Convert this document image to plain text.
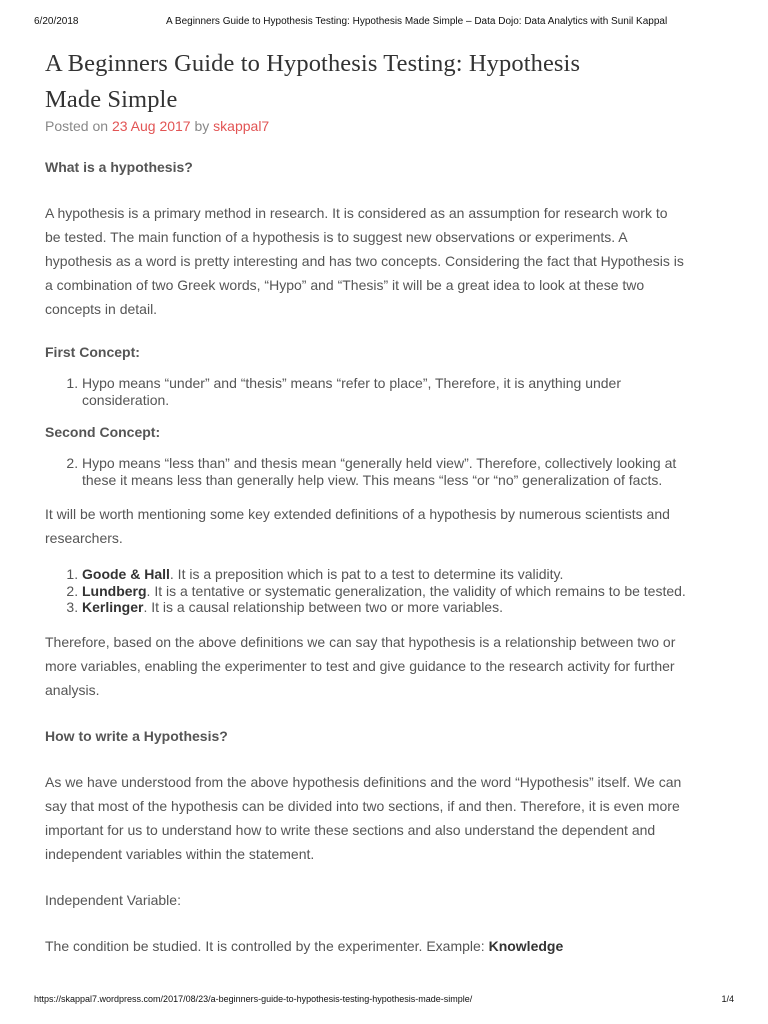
6/20/2018	A Beginners Guide to Hypothesis Testing: Hypothesis Made Simple – Data Dojo: Data Analytics with Sunil Kappal
A Beginners Guide to Hypothesis Testing: Hypothesis
Made Simple
Posted on 23 Aug 2017 by skappal7
What is a hypothesis?

A hypothesis is a primary method in research. It is considered as an assumption for research work to
be tested. The main function of a hypothesis is to suggest new observations or experiments. A
hypothesis as a word is pretty interesting and has two concepts. Considering the fact that Hypothesis is
a combination of two Greek words, “Hypo” and “Thesis” it will be a great idea to look at these two
concepts in detail.

First Concept:
1. Hypo means “under” and “thesis” means “refer to place”, Therefore, it is anything under
consideration.
Second Concept:
2. Hypo means “less than” and thesis mean “generally held view”. Therefore, collectively looking at
these it means less than generally help view. This means “less “or “no” generalization of facts.

It will be worth mentioning some key extended definitions of a hypothesis by numerous scientists and
researchers.

1. Goode & Hall. It is a preposition which is pat to a test to determine its validity.
2. Lundberg. It is a tentative or systematic generalization, the validity of which remains to be tested.
3. Kerlinger. It is a causal relationship between two or more variables.

Therefore, based on the above definitions we can say that hypothesis is a relationship between two or
more variables, enabling the experimenter to test and give guidance to the research activity for further
analysis.

How to write a Hypothesis?

As we have understood from the above hypothesis definitions and the word “Hypothesis” itself. We can
say that most of the hypothesis can be divided into two sections, if and then. Therefore, it is even more
important for us to understand how to write these sections and also understand the dependent and
independent variables within the statement.

Independent Variable:

The condition be studied. It is controlled by the experimenter. Example: Knowledge

https://skappal7.wordpress.com/2017/08/23/a-beginners-guide-to-hypothesis-testing-hypothesis-made-simple/	1/4
